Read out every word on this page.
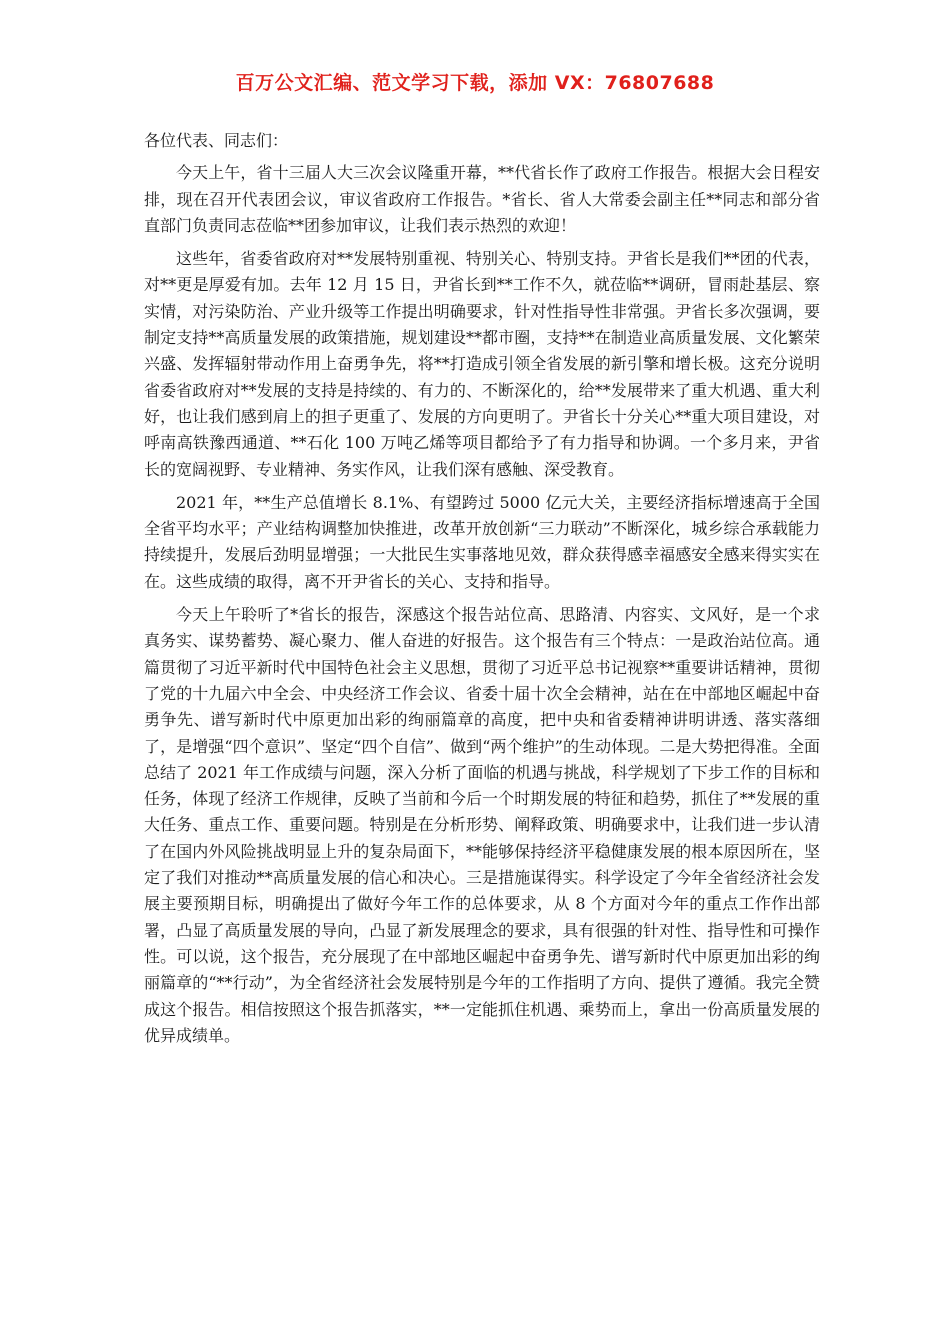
百万公文汇编、范文学习下载，添加 VX：76807688

各位代表、同志们：

今天上午，省十三届人大三次会议隆重开幕，**代省长作了政府工作报告。根据大会日程安排，现在召开代表团会议，审议省政府工作报告。*省长、省人大常委会副主任**同志和部分省直部门负责同志莅临**团参加审议，让我们表示热烈的欢迎！

这些年，省委省政府对**发展特别重视、特别关心、特别支持。尹省长是我们**团的代表，对**更是厚爱有加。去年 12 月 15 日，尹省长到**工作不久，就莅临**调研，冒雨赴基层、察实情，对污染防治、产业升级等工作提出明确要求，针对性指导性非常强。尹省长多次强调，要制定支持**高质量发展的政策措施，规划建设**都市圈，支持**在制造业高质量发展、文化繁荣兴盛、发挥辐射带动作用上奋勇争先，将**打造成引领全省发展的新引擎和增长极。这充分说明省委省政府对**发展的支持是持续的、有力的、不断深化的，给**发展带来了重大机遇、重大利好，也让我们感到肩上的担子更重了、发展的方向更明了。尹省长十分关心**重大项目建设，对呼南高铁豫西通道、**石化 100 万吨乙烯等项目都给予了有力指导和协调。一个多月来，尹省长的宽阔视野、专业精神、务实作风，让我们深有感触、深受教育。

2021 年，**生产总值增长 8.1%、有望跨过 5000 亿元大关，主要经济指标增速高于全国全省平均水平；产业结构调整加快推进，改革开放创新“三力联动”不断深化，城乡综合承载能力持续提升，发展后劲明显增强；一大批民生实事落地见效，群众获得感幸福感安全感来得实实在在。这些成绩的取得，离不开尹省长的关心、支持和指导。

今天上午聆听了*省长的报告，深感这个报告站位高、思路清、内容实、文风好，是一个求真务实、谋势蓄势、凝心聚力、催人奋进的好报告。这个报告有三个特点：一是政治站位高。通篇贯彻了习近平新时代中国特色社会主义思想，贯彻了习近平总书记视察**重要讲话精神，贯彻了党的十九届六中全会、中央经济工作会议、省委十届十次全会精神，站在在中部地区崛起中奋勇争先、谱写新时代中原更加出彩的绚丽篇章的高度，把中央和省委精神讲明讲透、落实落细了，是增强“四个意识”、坚定“四个自信”、做到“两个维护”的生动体现。二是大势把得准。全面总结了 2021 年工作成绩与问题，深入分析了面临的机遇与挑战，科学规划了下步工作的目标和任务，体现了经济工作规律，反映了当前和今后一个时期发展的特征和趋势，抓住了**发展的重大任务、重点工作、重要问题。特别是在分析形势、阐释政策、明确要求中，让我们进一步认清了在国内外风险挑战明显上升的复杂局面下，**能够保持经济平稳健康发展的根本原因所在，坚定了我们对推动**高质量发展的信心和决心。三是措施谋得实。科学设定了今年全省经济社会发展主要预期目标，明确提出了做好今年工作的总体要求，从 8 个方面对今年的重点工作作出部署，凸显了高质量发展的导向，凸显了新发展理念的要求，具有很强的针对性、指导性和可操作性。可以说，这个报告，充分展现了在中部地区崛起中奋勇争先、谱写新时代中原更加出彩的绚丽篇章的“**行动”，为全省经济社会发展特别是今年的工作指明了方向、提供了遵循。我完全赞成这个报告。相信按照这个报告抓落实，**一定能抓住机遇、乘势而上，拿出一份高质量发展的优异成绩单。
